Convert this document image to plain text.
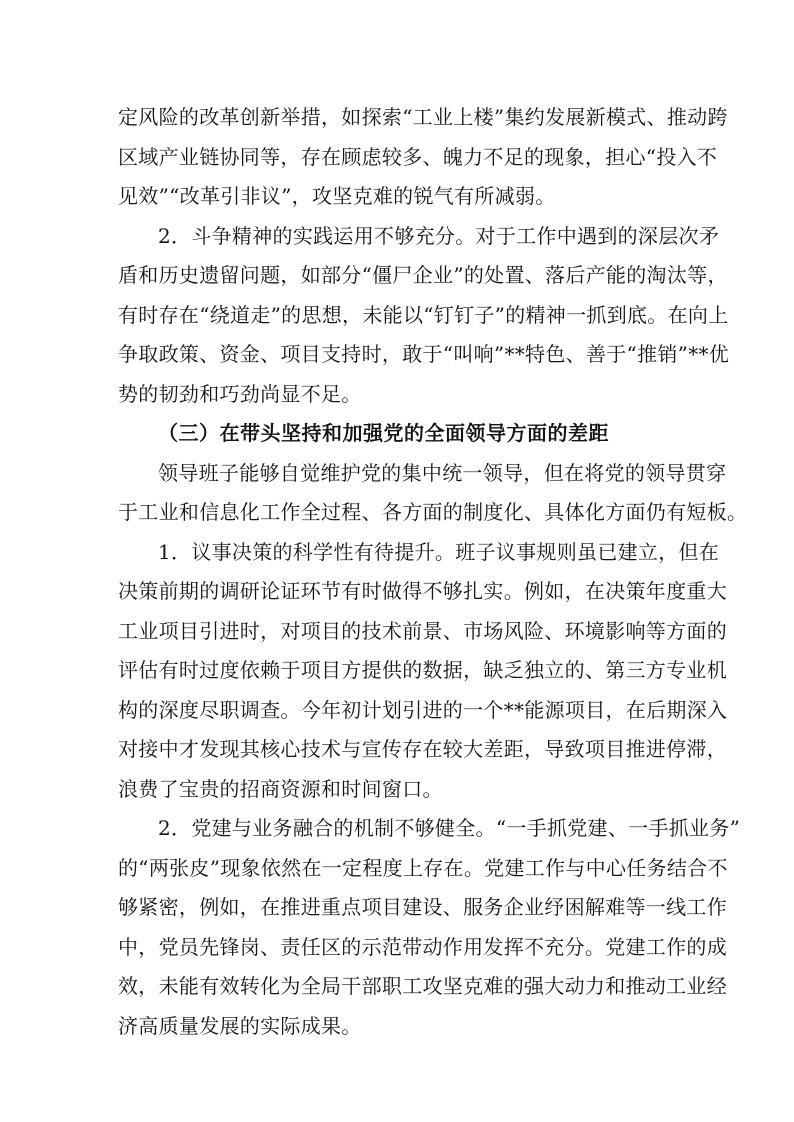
定风险的改革创新举措，如探索“工业上楼”集约发展新模式、推动跨
区域产业链协同等，存在顾虑较多、魄力不足的现象，担心“投入不
见效”“改革引非议”，攻坚克难的锐气有所减弱。
2．斗争精神的实践运用不够充分。对于工作中遇到的深层次矛
盾和历史遗留问题，如部分“僵尸企业”的处置、落后产能的淘汰等，
有时存在“绕道走”的思想，未能以“钉钉子”的精神一抓到底。在向上
争取政策、资金、项目支持时，敢于“叫响”**特色、善于“推销”**优
势的韧劲和巧劲尚显不足。
（三）在带头坚持和加强党的全面领导方面的差距
领导班子能够自觉维护党的集中统一领导，但在将党的领导贯穿
于工业和信息化工作全过程、各方面的制度化、具体化方面仍有短板。
1．议事决策的科学性有待提升。班子议事规则虽已建立，但在
决策前期的调研论证环节有时做得不够扎实。例如，在决策年度重大
工业项目引进时，对项目的技术前景、市场风险、环境影响等方面的
评估有时过度依赖于项目方提供的数据，缺乏独立的、第三方专业机
构的深度尽职调查。今年初计划引进的一个**能源项目，在后期深入
对接中才发现其核心技术与宣传存在较大差距，导致项目推进停滞，
浪费了宝贵的招商资源和时间窗口。
2．党建与业务融合的机制不够健全。“一手抓党建、一手抓业务”
的“两张皮”现象依然在一定程度上存在。党建工作与中心任务结合不
够紧密，例如，在推进重点项目建设、服务企业纾困解难等一线工作
中，党员先锋岗、责任区的示范带动作用发挥不充分。党建工作的成
效，未能有效转化为全局干部职工攻坚克难的强大动力和推动工业经
济高质量发展的实际成果。
